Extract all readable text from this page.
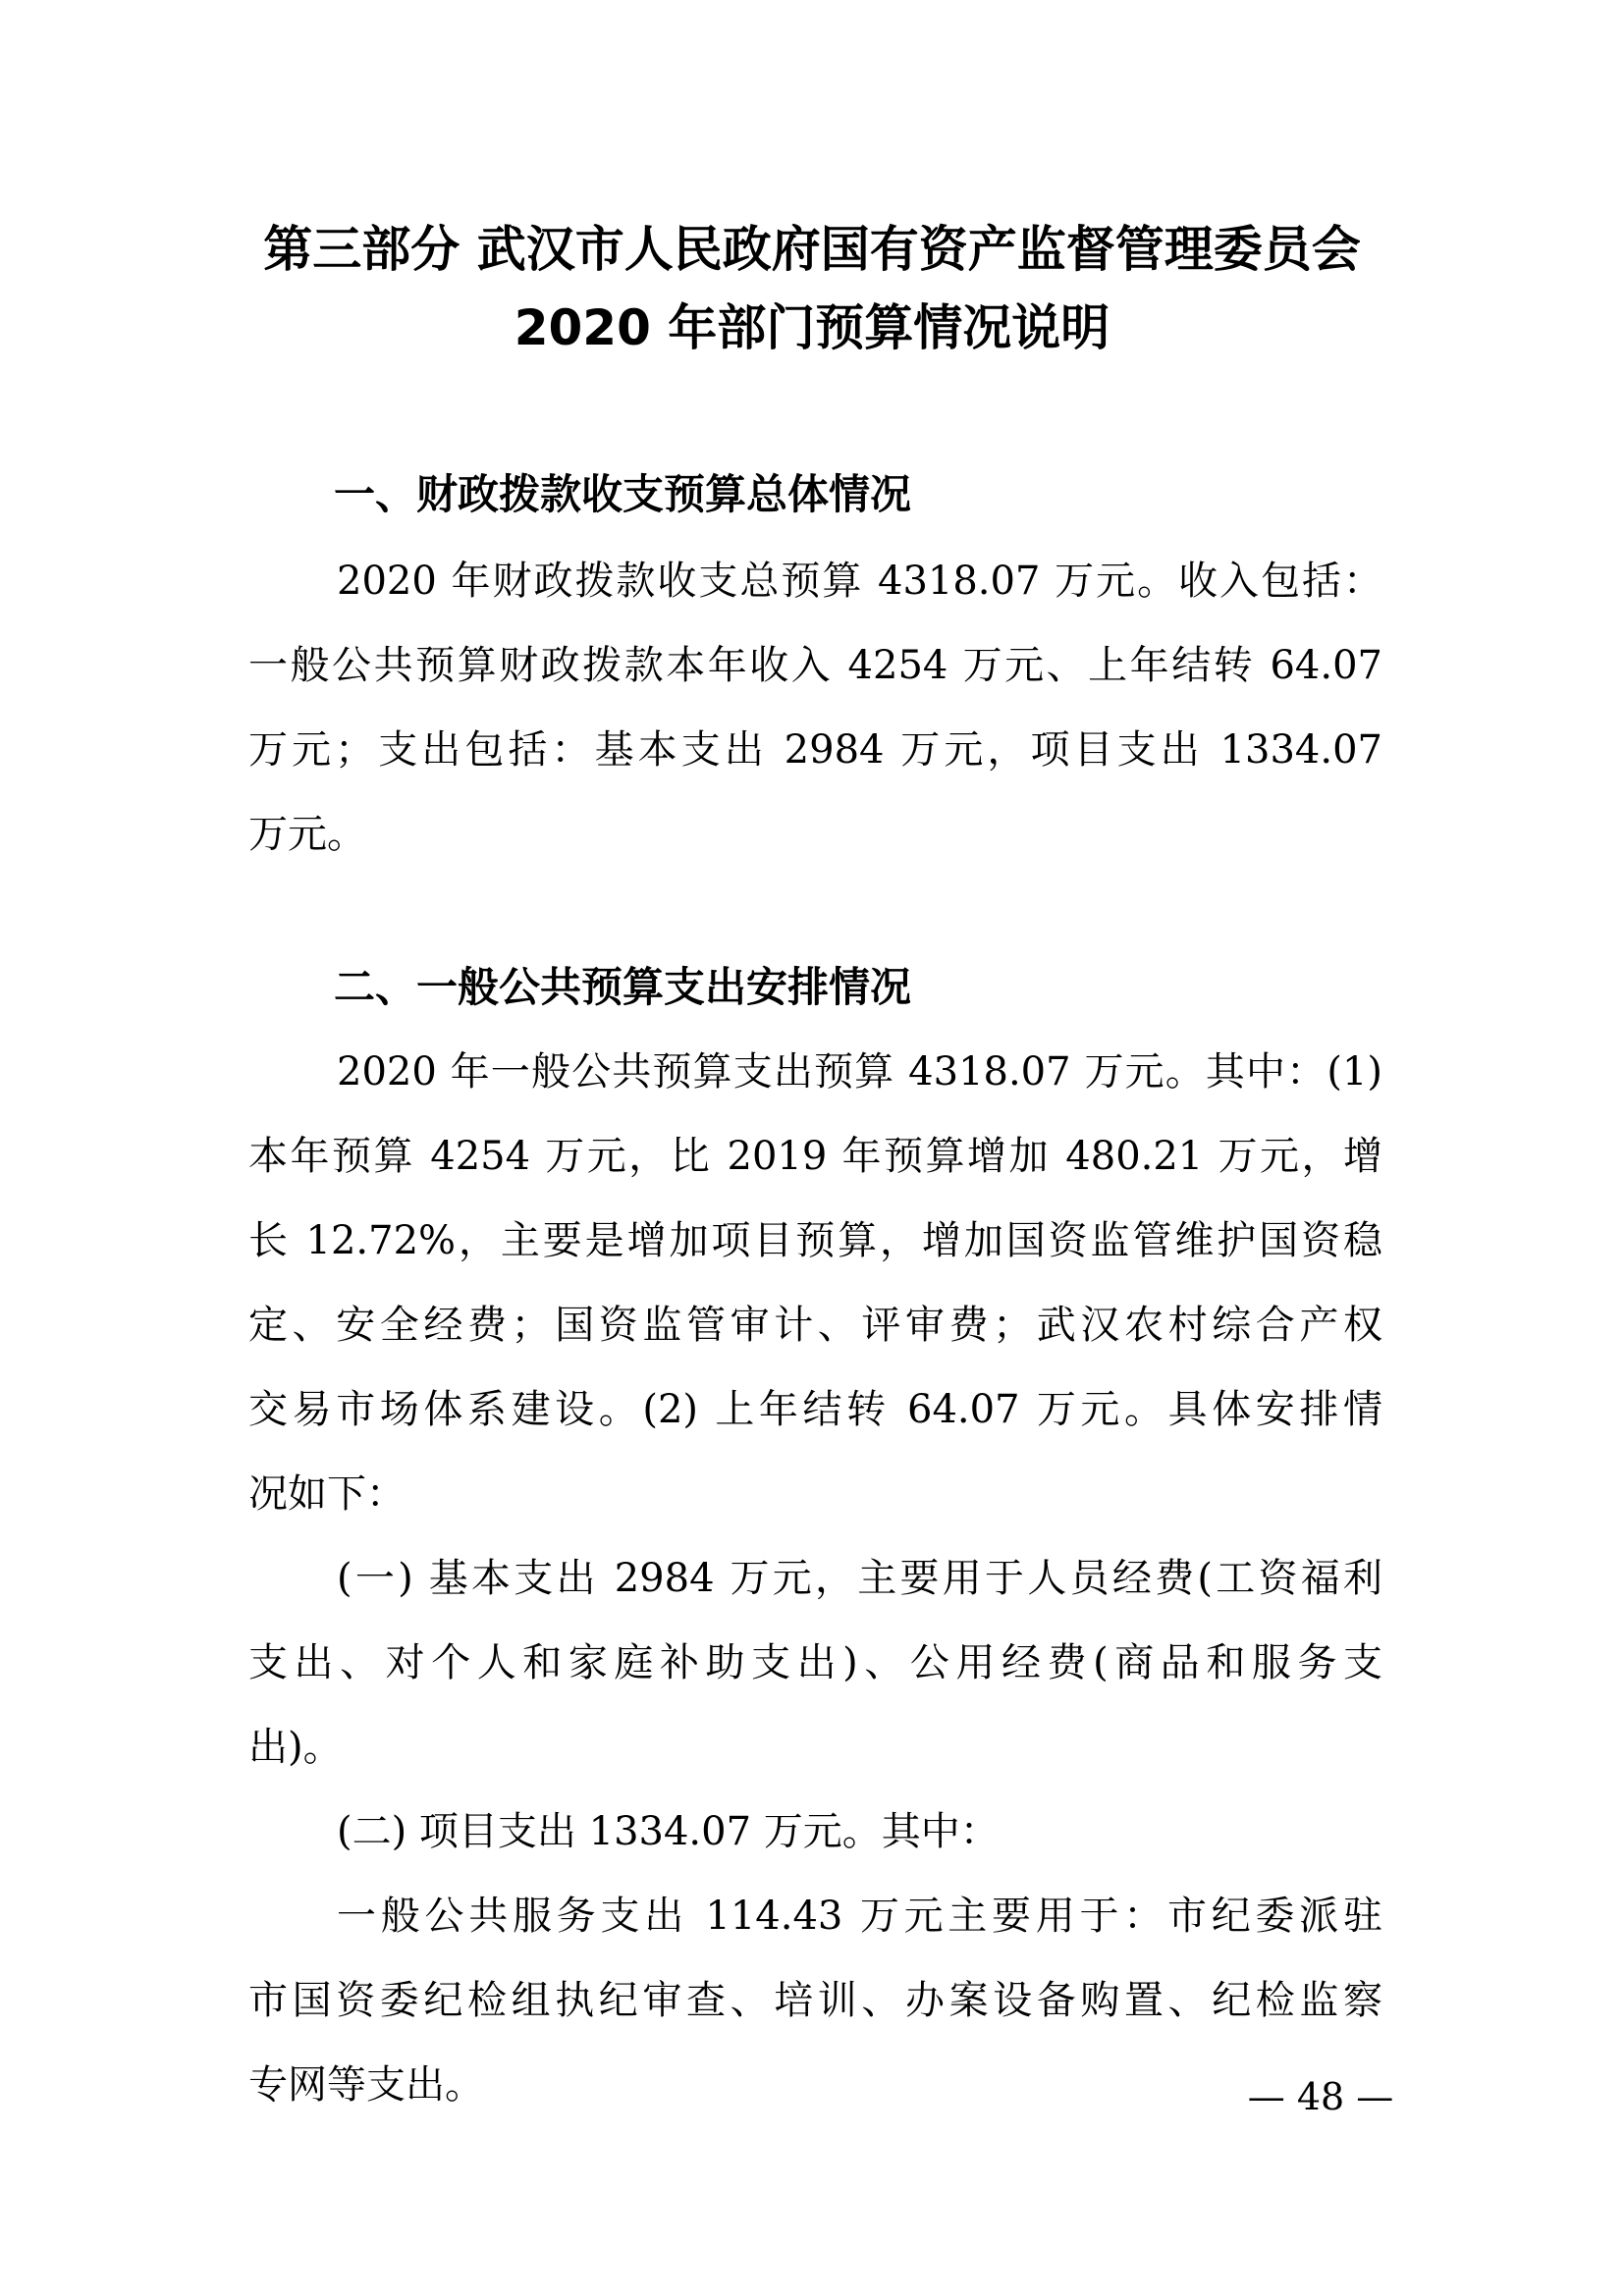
第三部分 武汉市人民政府国有资产监督管理委员会
2020 年部门预算情况说明
一、财政拨款收支预算总体情况
2020 年财政拨款收支总预算 4318.07 万元。收入包括：
一般公共预算财政拨款本年收入 4254 万元、上年结转 64.07
万元；支出包括：基本支出 2984 万元，项目支出 1334.07
万元。
二、一般公共预算支出安排情况
2020 年一般公共预算支出预算 4318.07 万元。其中：(1)
本年预算 4254 万元，比 2019 年预算增加 480.21 万元，增
长 12.72%，主要是增加项目预算，增加国资监管维护国资稳
定、安全经费；国资监管审计、评审费；武汉农村综合产权
交易市场体系建设。(2) 上年结转 64.07 万元。具体安排情
况如下：
(一) 基本支出 2984 万元，主要用于人员经费(工资福利
支出、对个人和家庭补助支出)、公用经费(商品和服务支
出)。
(二) 项目支出 1334.07 万元。其中：
一般公共服务支出 114.43 万元主要用于：市纪委派驻
市国资委纪检组执纪审查、培训、办案设备购置、纪检监察
专网等支出。	— 48 —
